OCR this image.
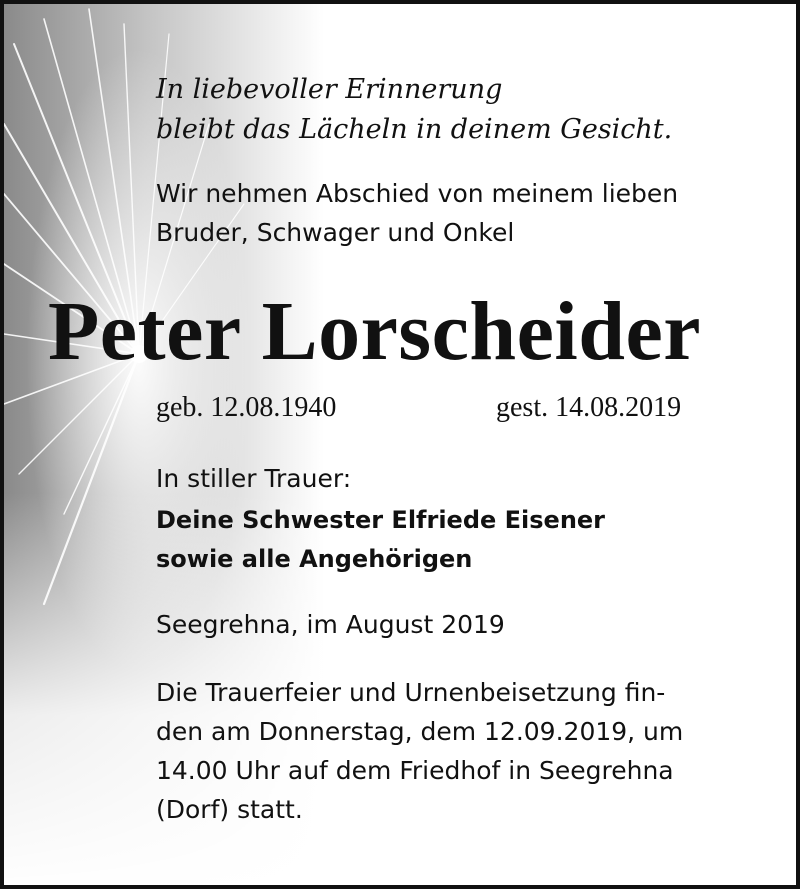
In liebevoller Erinnerung

bleibt das Lächeln in deinem Gesicht.

Wir nehmen Abschied von meinem lieben

Bruder, Schwager und Onkel

Peter Lorscheider

geb. 12.08.1940	gest. 14.08.2019

In stiller Trauer:

Deine Schwester Elfriede Eisener

sowie alle Angehörigen

Seegrehna, im August 2019

Die Trauerfeier und Urnenbeisetzung fin-

den am Donnerstag, dem 12.09.2019, um

14.00 Uhr auf dem Friedhof in Seegrehna

(Dorf) statt.
